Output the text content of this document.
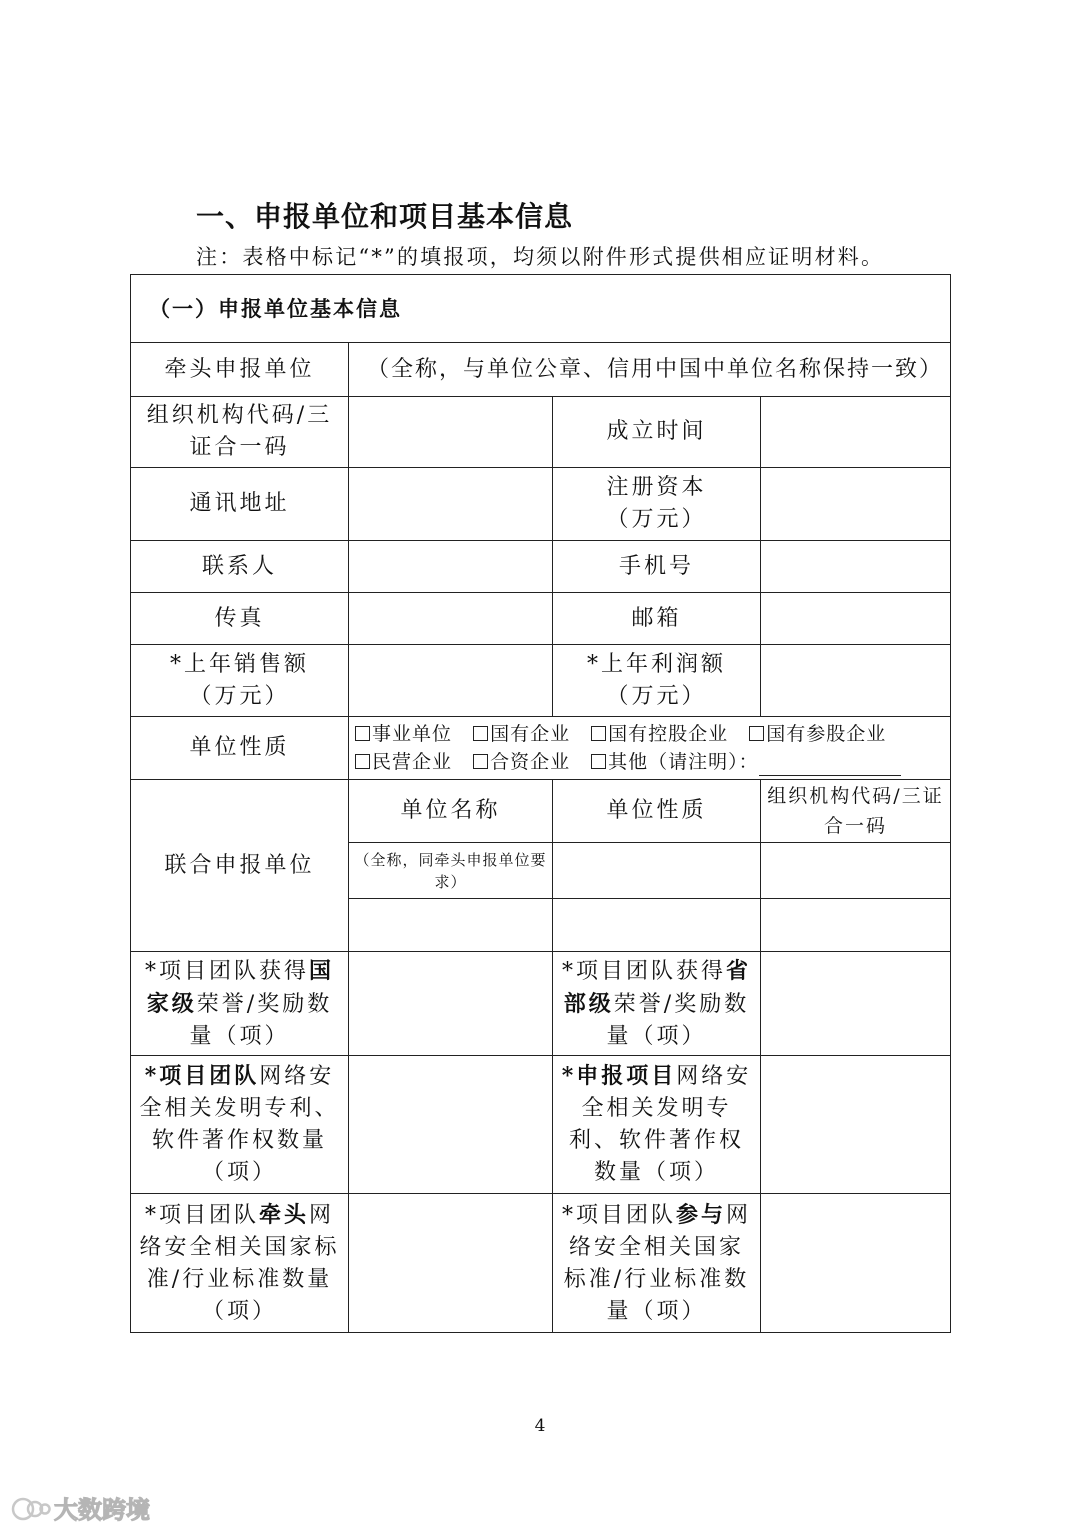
一、申报单位和项目基本信息
注：表格中标记“*”的填报项，均须以附件形式提供相应证明材料。
（一）申报单位基本信息			
牵头申报单位	（全称，与单位公章、信用中国中单位名称保持一致）		
组织机构代码/三证合一码		成立时间	
通讯地址		注册资本
（万元）	
联系人		手机号	
传真		邮箱	
*上年销售额
（万元）		*上年利润额
（万元）	
单位性质	事业单位 国有企业 国有控股企业 国有参股企业
民营企业 合资企业 其他（请注明）：		

联合申报单位	单位名称	单位性质	组织机构代码/三证合一码
	（全称，同牵头申报单位要求）		

*项目团队获得国家级荣誉/奖励数量（项）		*项目团队获得省部级荣誉/奖励数量（项）	
*项目团队网络安全相关发明专利、软件著作权数量（项）		*申报项目网络安全相关发明专利、软件著作权数量（项）	
*项目团队牵头网络安全相关国家标准/行业标准数量（项）		*项目团队参与网络安全相关国家标准/行业标准数量（项）	
4
大数跨境
